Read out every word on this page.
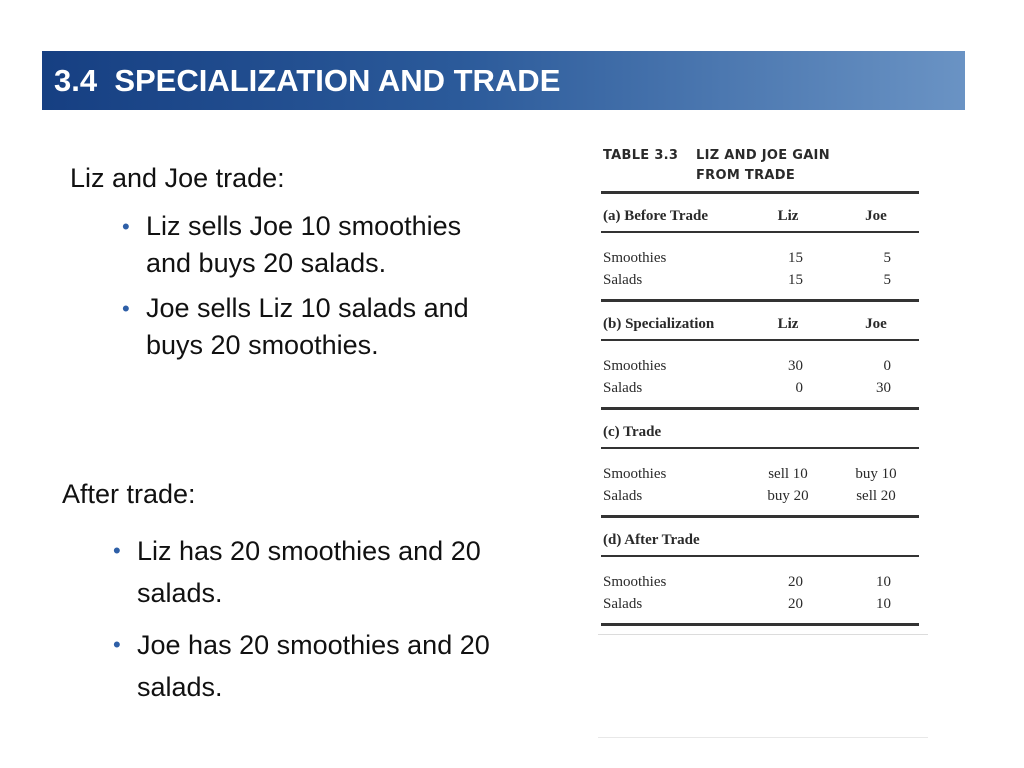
3.4  SPECIALIZATION AND TRADE
Liz and Joe trade:
• Liz sells Joe 10 smoothies and buys 20 salads.
• Joe sells Liz 10 salads and buys 20 smoothies.
After trade:
• Liz has 20 smoothies and 20 salads.
• Joe has 20 smoothies and 20 salads.
TABLE 3.3 LIZ AND JOE GAIN
FROM TRADE
(a) Before Trade	Liz	Joe
Smoothies	15	5
Salads	15	5
(b) Specialization	Liz	Joe
Smoothies	30	0
Salads	0	30
(c) Trade
Smoothies	sell 10	buy 10
Salads	buy 20	sell 20
(d) After Trade
Smoothies	20	10
Salads	20	10
